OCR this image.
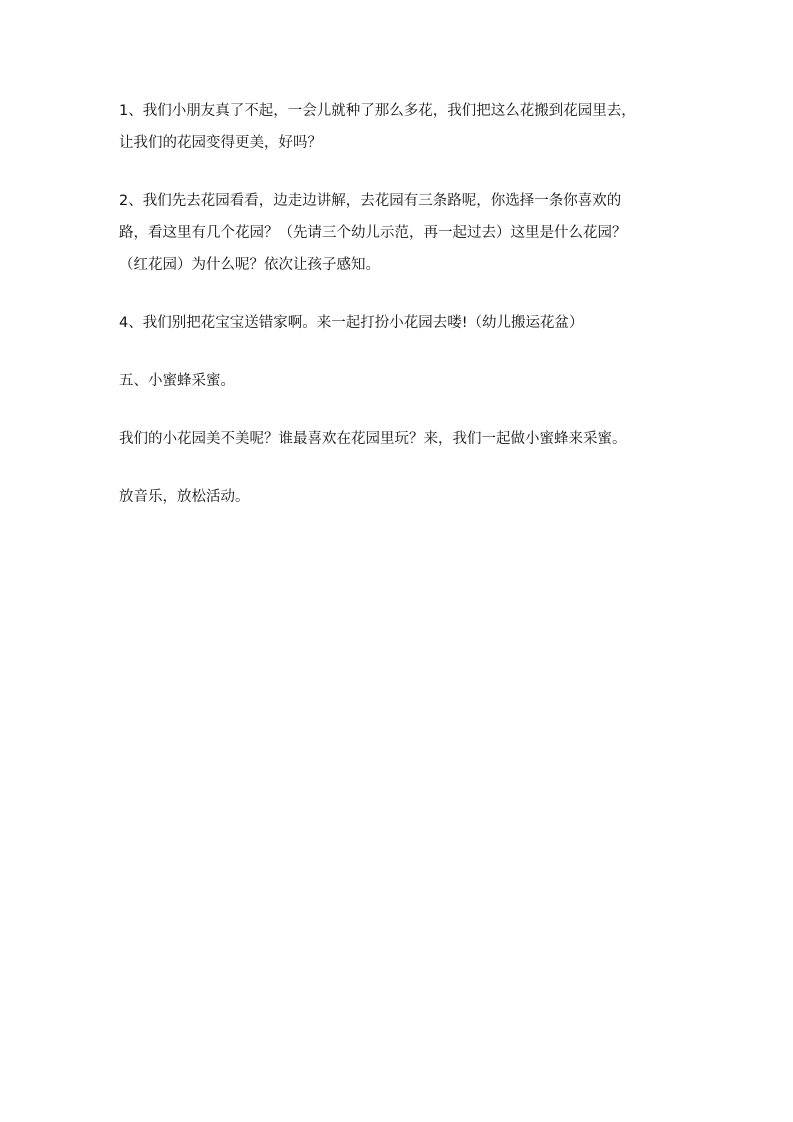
1、我们小朋友真了不起，一会儿就种了那么多花，我们把这么花搬到花园里去，
让我们的花园变得更美，好吗？

2、我们先去花园看看，边走边讲解，去花园有三条路呢，你选择一条你喜欢的
路，看这里有几个花园？（先请三个幼儿示范，再一起过去）这里是什么花园？
（红花园）为什么呢？依次让孩子感知。

4、我们别把花宝宝送错家啊。来一起打扮小花园去喽!（幼儿搬运花盆）

五、小蜜蜂采蜜。

我们的小花园美不美呢？谁最喜欢在花园里玩？来，我们一起做小蜜蜂来采蜜。

放音乐，放松活动。
